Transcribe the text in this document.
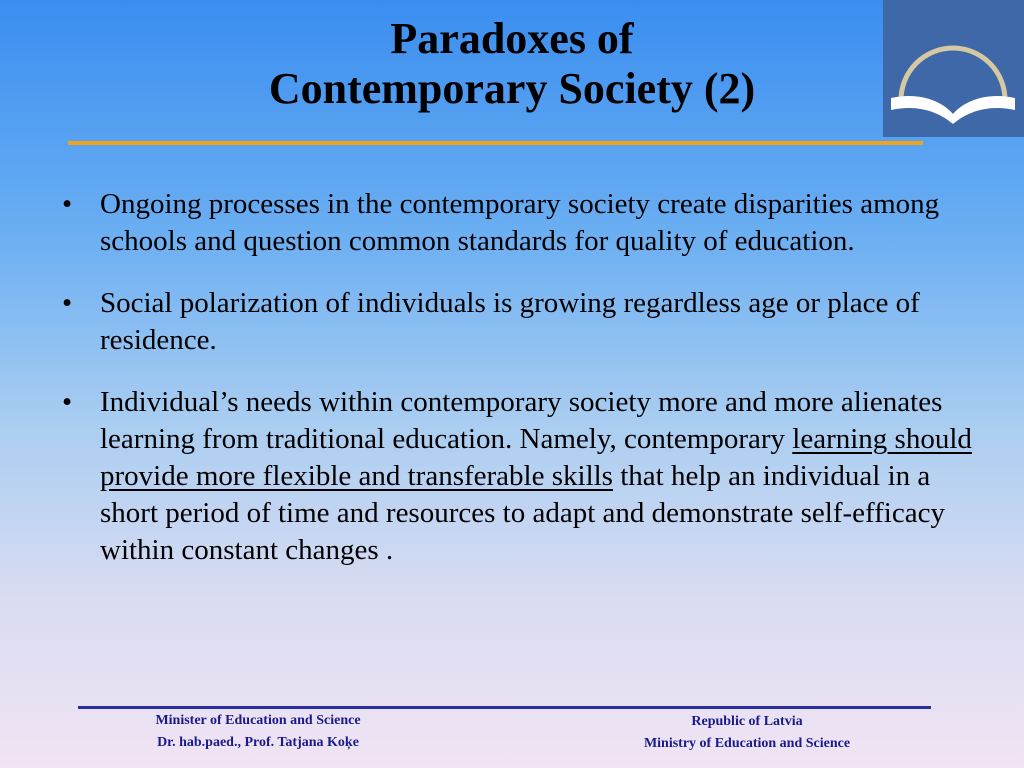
Paradoxes of
Contemporary Society (2)
• Ongoing processes in the contemporary society create disparities among schools and question common standards for quality of education.
• Social polarization of individuals is growing regardless age or place of residence.
• Individual’s needs within contemporary society more and more alienates learning from traditional education. Namely, contemporary learning should provide more flexible and transferable skills that help an individual in a short period of time and resources to adapt and demonstrate self-efficacy within constant changes .
Minister of Education and Science
Dr. hab.paed., Prof. Tatjana Koķe
Republic of Latvia
Ministry of Education and Science
